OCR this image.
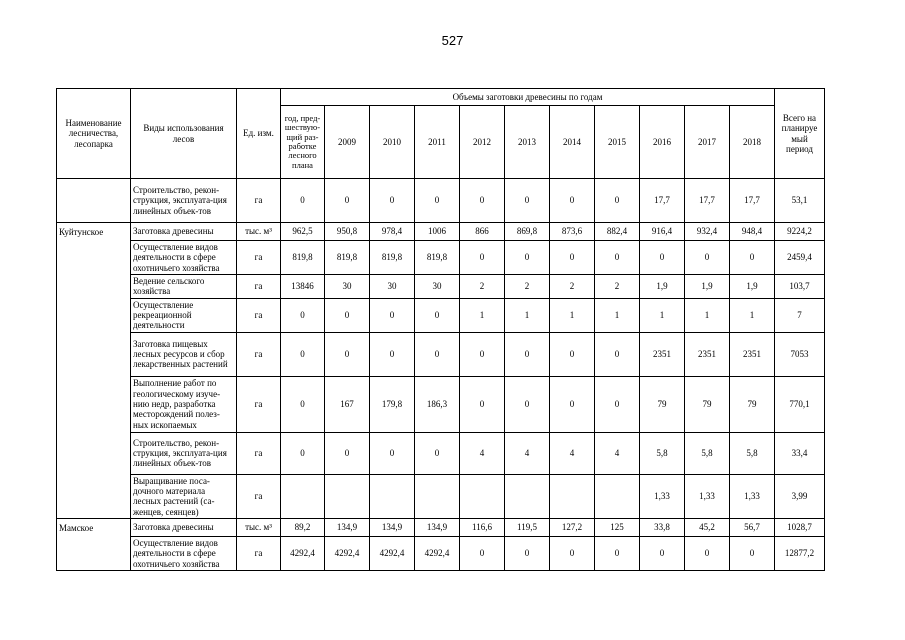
527
Наименование лесничества, лесопарка	Виды использования лесов	Ед. изм.	Объемы заготовки древесины по годам											Всего на планируе мый период
			год, пред-шествую-щий раз-работке лесного плана	2009	2010	2011	2012	2013	2014	2015	2016	2017	2018	
	Строительство, рекон-струкция, эксплуата-ция линейных объек-тов	га	0	0	0	0	0	0	0	0	17,7	17,7	17,7	53,1
Куйтунское	Заготовка древесины	тыс. м³	962,5	950,8	978,4	1006	866	869,8	873,6	882,4	916,4	932,4	948,4	9224,2
	Осуществление видов деятельности в сфере охотничьего хозяйства	га	819,8	819,8	819,8	819,8	0	0	0	0	0	0	0	2459,4
	Ведение сельского хозяйства	га	13846	30	30	30	2	2	2	2	1,9	1,9	1,9	103,7
	Осуществление рекреационной деятельности	га	0	0	0	0	1	1	1	1	1	1	1	7
	Заготовка пищевых лесных ресурсов и сбор лекарственных растений	га	0	0	0	0	0	0	0	0	2351	2351	2351	7053
	Выполнение работ по геологическому изуче-нию недр, разработка месторождений полез-ных ископаемых	га	0	167	179,8	186,3	0	0	0	0	79	79	79	770,1
	Строительство, рекон-струкция, эксплуата-ция линейных объек-тов	га	0	0	0	0	4	4	4	4	5,8	5,8	5,8	33,4
	Выращивание поса-дочного материала лесных растений (са-женцев, сеянцев)	га									1,33	1,33	1,33	3,99
Мамское	Заготовка древесины	тыс. м³	89,2	134,9	134,9	134,9	116,6	119,5	127,2	125	33,8	45,2	56,7	1028,7
	Осуществление видов деятельности в сфере охотничьего хозяйства	га	4292,4	4292,4	4292,4	4292,4	0	0	0	0	0	0	0	12877,2
